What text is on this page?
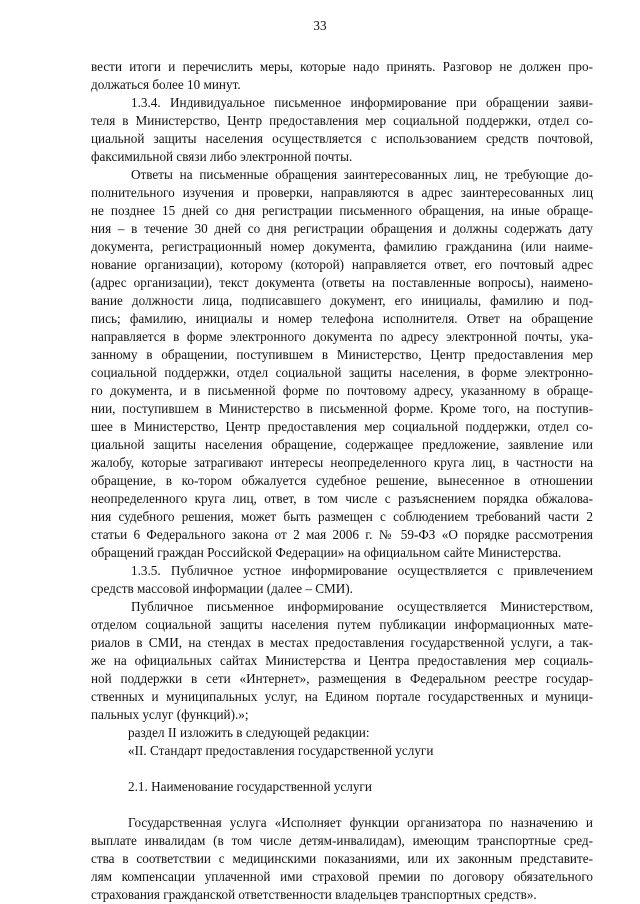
33
вести итоги и перечислить меры, которые надо принять. Разговор не должен про-
должаться более 10 минут.
1.3.4. Индивидуальное письменное информирование при обращении заяви-
теля в Министерство, Центр предоставления мер социальной поддержки, отдел со-
циальной защиты населения осуществляется с использованием средств почтовой,
факсимильной связи либо электронной почты.
Ответы на письменные обращения заинтересованных лиц, не требующие до-
полнительного изучения и проверки, направляются в адрес заинтересованных лиц
не позднее 15 дней со дня регистрации письменного обращения, на иные обраще-
ния – в течение 30 дней со дня регистрации обращения и должны содержать дату
документа, регистрационный номер документа, фамилию гражданина (или наиме-
нование организации), которому (которой) направляется ответ, его почтовый адрес
(адрес организации), текст документа (ответы на поставленные вопросы), наимено-
вание должности лица, подписавшего документ, его инициалы, фамилию и под-
пись; фамилию, инициалы и номер телефона исполнителя. Ответ на обращение
направляется в форме электронного документа по адресу электронной почты, ука-
занному в обращении, поступившем в Министерство, Центр предоставления мер
социальной поддержки, отдел социальной защиты населения, в форме электронно-
го документа, и в письменной форме по почтовому адресу, указанному в обраще-
нии, поступившем в Министерство в письменной форме. Кроме того, на поступив-
шее в Министерство, Центр предоставления мер социальной поддержки, отдел со-
циальной защиты населения обращение, содержащее предложение, заявление или
жалобу, которые затрагивают интересы неопределенного круга лиц, в частности на
обращение, в ко-тором обжалуется судебное решение, вынесенное в отношении
неопределенного круга лиц, ответ, в том числе с разъяснением порядка обжалова-
ния судебного решения, может быть размещен с соблюдением требований части 2
статьи 6 Федерального закона от 2 мая 2006 г. № 59-ФЗ «О порядке рассмотрения
обращений граждан Российской Федерации» на официальном сайте Министерства.
1.3.5. Публичное устное информирование осуществляется с привлечением
средств массовой информации (далее – СМИ).
Публичное письменное информирование осуществляется Министерством,
отделом социальной защиты населения путем публикации информационных мате-
риалов в СМИ, на стендах в местах предоставления государственной услуги, а так-
же на официальных сайтах Министерства и Центра предоставления мер социаль-
ной поддержки в сети «Интернет», размещения в Федеральном реестре государ-
ственных и муниципальных услуг, на Едином портале государственных и муници-
пальных услуг (функций).»;
раздел II изложить в следующей редакции:
«II. Стандарт предоставления государственной услуги
2.1. Наименование государственной услуги
Государственная услуга «Исполняет функции организатора по назначению и
выплате инвалидам (в том числе детям-инвалидам), имеющим транспортные сред-
ства в соответствии с медицинскими показаниями, или их законным представите-
лям компенсации уплаченной ими страховой премии по договору обязательного
страхования гражданской ответственности владельцев транспортных средств».
